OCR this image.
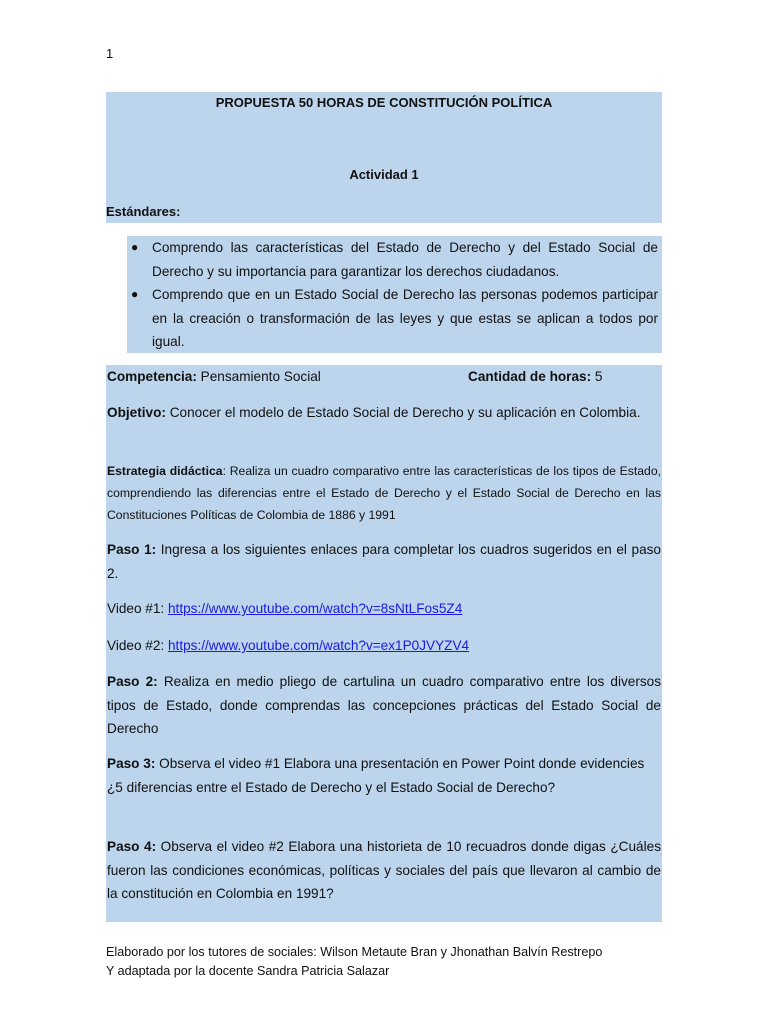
1
PROPUESTA 50 HORAS DE CONSTITUCIÓN POLÍTICA
Actividad 1
Estándares:
● Comprendo las características del Estado de Derecho y del Estado Social de Derecho y su importancia para garantizar los derechos ciudadanos.
● Comprendo que en un Estado Social de Derecho las personas podemos participar en la creación o transformación de las leyes y que estas se aplican a todos por igual.
Competencia: Pensamiento Social	Cantidad de horas: 5
Objetivo: Conocer el modelo de Estado Social de Derecho y su aplicación en Colombia.
Estrategia didáctica: Realiza un cuadro comparativo entre las características de los tipos de Estado, comprendiendo las diferencias entre el Estado de Derecho y el Estado Social de Derecho en las Constituciones Políticas de Colombia de 1886 y 1991
Paso 1: Ingresa a los siguientes enlaces para completar los cuadros sugeridos en el paso 2.
Video #1: https://www.youtube.com/watch?v=8sNtLFos5Z4
Video #2: https://www.youtube.com/watch?v=ex1P0JVYZV4
Paso 2: Realiza en medio pliego de cartulina un cuadro comparativo entre los diversos tipos de Estado, donde comprendas las concepciones prácticas del Estado Social de Derecho
Paso 3: Observa el video #1 Elabora una presentación en Power Point donde evidencies ¿5 diferencias entre el Estado de Derecho y el Estado Social de Derecho?
Paso 4: Observa el video #2 Elabora una historieta de 10 recuadros donde digas ¿Cuáles fueron las condiciones económicas, políticas y sociales del país que llevaron al cambio de la constitución en Colombia en 1991?
Elaborado por los tutores de sociales: Wilson Metaute Bran y Jhonathan Balvín Restrepo
Y adaptada por la docente Sandra Patricia Salazar
